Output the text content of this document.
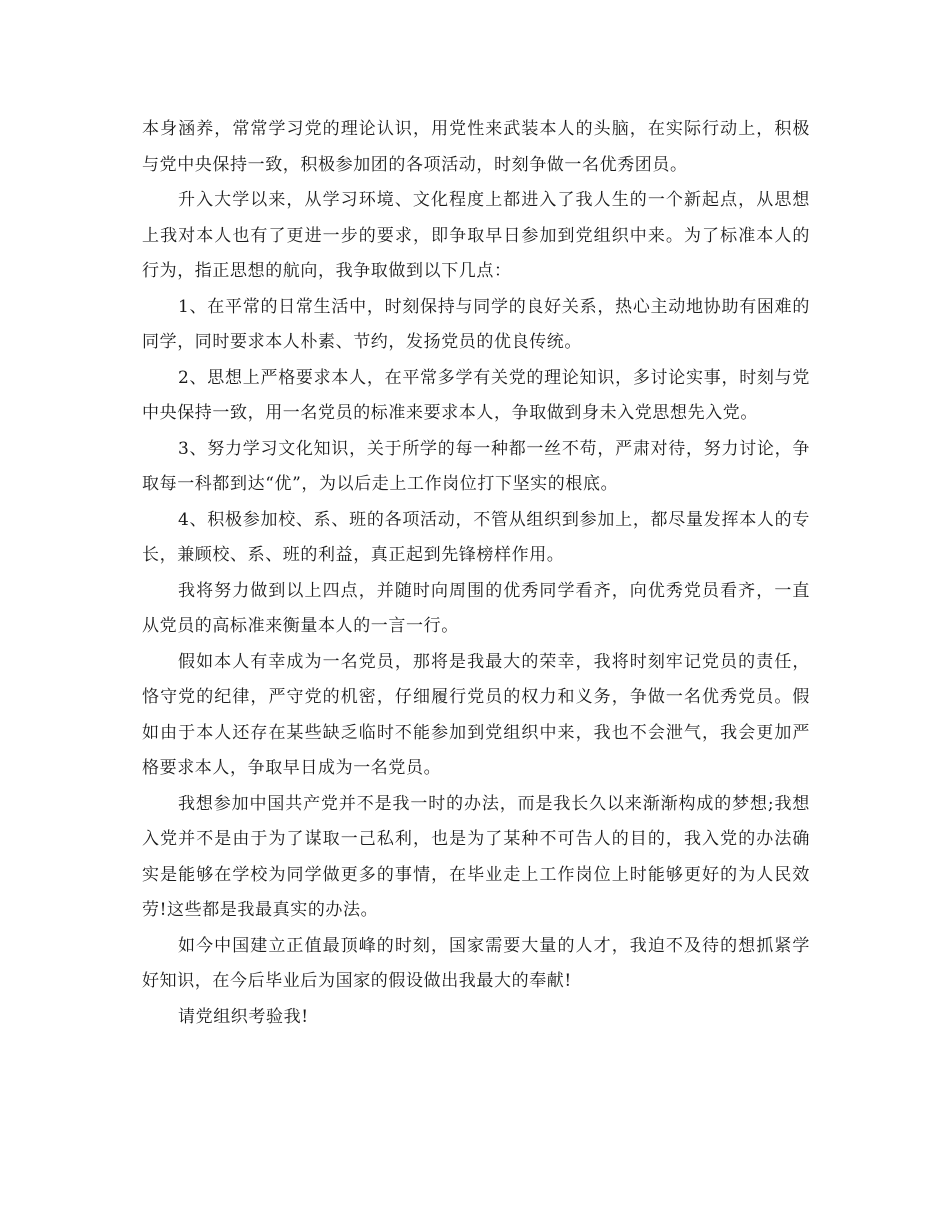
本身涵养，常常学习党的理论认识，用党性来武装本人的头脑，在实际行动上，积极与党中央保持一致，积极参加团的各项活动，时刻争做一名优秀团员。

升入大学以来，从学习环境、文化程度上都进入了我人生的一个新起点，从思想上我对本人也有了更进一步的要求，即争取早日参加到党组织中来。为了标准本人的行为，指正思想的航向，我争取做到以下几点：

1、在平常的日常生活中，时刻保持与同学的良好关系，热心主动地协助有困难的同学，同时要求本人朴素、节约，发扬党员的优良传统。

2、思想上严格要求本人，在平常多学有关党的理论知识，多讨论实事，时刻与党中央保持一致，用一名党员的标准来要求本人，争取做到身未入党思想先入党。

3、努力学习文化知识，关于所学的每一种都一丝不苟，严肃对待，努力讨论，争取每一科都到达“优”，为以后走上工作岗位打下坚实的根底。

4、积极参加校、系、班的各项活动，不管从组织到参加上，都尽量发挥本人的专长，兼顾校、系、班的利益，真正起到先锋榜样作用。

我将努力做到以上四点，并随时向周围的优秀同学看齐，向优秀党员看齐，一直从党员的高标准来衡量本人的一言一行。

假如本人有幸成为一名党员，那将是我最大的荣幸，我将时刻牢记党员的责任，恪守党的纪律，严守党的机密，仔细履行党员的权力和义务，争做一名优秀党员。假如由于本人还存在某些缺乏临时不能参加到党组织中来，我也不会泄气，我会更加严格要求本人，争取早日成为一名党员。

我想参加中国共产党并不是我一时的办法，而是我长久以来渐渐构成的梦想;我想入党并不是由于为了谋取一己私利，也是为了某种不可告人的目的，我入党的办法确实是能够在学校为同学做更多的事情，在毕业走上工作岗位上时能够更好的为人民效劳!这些都是我最真实的办法。

如今中国建立正值最顶峰的时刻，国家需要大量的人才，我迫不及待的想抓紧学好知识，在今后毕业后为国家的假设做出我最大的奉献!

请党组织考验我!
